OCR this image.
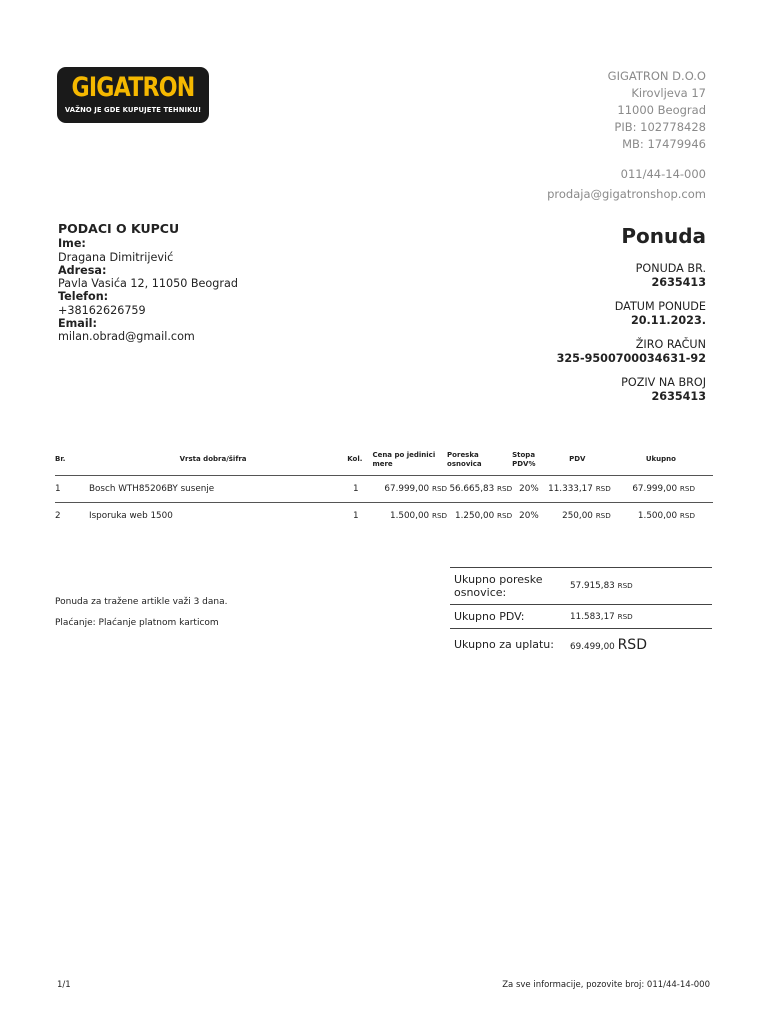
GIGATRON
VAŽNO JE GDE KUPUJETE TEHNIKU!
GIGATRON D.O.O
Kirovljeva 17
11000 Beograd
PIB: 102778428
MB: 17479946
011/44-14-000
prodaja@gigatronshop.com
PODACI O KUPCU
Ime:
Dragana Dimitrijević
Adresa:
Pavla Vasića 12, 11050 Beograd
Telefon:
+38162626759
Email:
milan.obrad@gmail.com
Ponuda
PONUDA BR.
2635413
DATUM PONUDE
20.11.2023.
ŽIRO RAČUN
325-9500700034631-92
POZIV NA BROJ
2635413
Br.	Vrsta dobra/šifra	Kol.	Cena po jedinici mere	Poreska osnovica	Stopa PDV%	PDV	Ukupno
1	Bosch WTH85206BY susenje	1	67.999,00 RSD	56.665,83 RSD	20%	11.333,17 RSD	67.999,00 RSD
2	Isporuka web 1500	1	1.500,00 RSD	1.250,00 RSD	20%	250,00 RSD	1.500,00 RSD
Ponuda za tražene artikle važi 3 dana.
Plaćanje: Plaćanje platnom karticom
Ukupno poreske osnovice:	57.915,83 RSD
Ukupno PDV:	11.583,17 RSD
Ukupno za uplatu:	69.499,00 RSD
1/1	Za sve informacije, pozovite broj: 011/44-14-000
